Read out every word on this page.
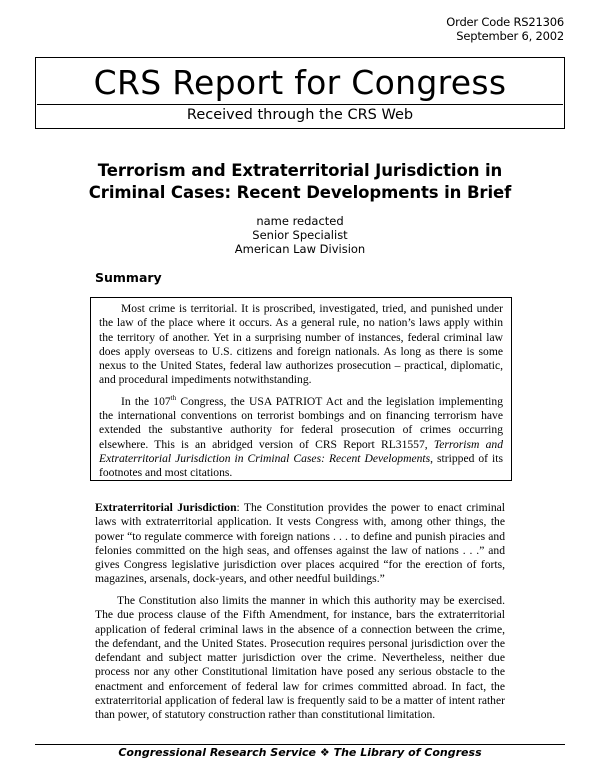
Order Code RS21306
September 6, 2002
CRS Report for Congress
Received through the CRS Web
Terrorism and Extraterritorial Jurisdiction in
Criminal Cases: Recent Developments in Brief
name redacted
Senior Specialist
American Law Division
Summary

Most crime is territorial. It is proscribed, investigated, tried, and punished under the law of the place where it occurs. As a general rule, no nation’s laws apply within the territory of another. Yet in a surprising number of instances, federal criminal law does apply overseas to U.S. citizens and foreign nationals. As long as there is some nexus to the United States, federal law authorizes prosecution – practical, diplomatic, and procedural impediments notwithstanding.

In the 107th Congress, the USA PATRIOT Act and the legislation implementing the international conventions on terrorist bombings and on financing terrorism have extended the substantive authority for federal prosecution of crimes occurring elsewhere. This is an abridged version of CRS Report RL31557, Terrorism and Extraterritorial Jurisdiction in Criminal Cases: Recent Developments, stripped of its footnotes and most citations.

Extraterritorial Jurisdiction: The Constitution provides the power to enact criminal laws with extraterritorial application. It vests Congress with, among other things, the power “to regulate commerce with foreign nations . . . to define and punish piracies and felonies committed on the high seas, and offenses against the law of nations . . .” and gives Congress legislative jurisdiction over places acquired “for the erection of forts, magazines, arsenals, dock-years, and other needful buildings.”

The Constitution also limits the manner in which this authority may be exercised. The due process clause of the Fifth Amendment, for instance, bars the extraterritorial application of federal criminal laws in the absence of a connection between the crime, the defendant, and the United States. Prosecution requires personal jurisdiction over the defendant and subject matter jurisdiction over the crime. Nevertheless, neither due process nor any other Constitutional limitation have posed any serious obstacle to the enactment and enforcement of federal law for crimes committed abroad. In fact, the extraterritorial application of federal law is frequently said to be a matter of intent rather than power, of statutory construction rather than constitutional limitation.

Congressional Research Service ❖ The Library of Congress
